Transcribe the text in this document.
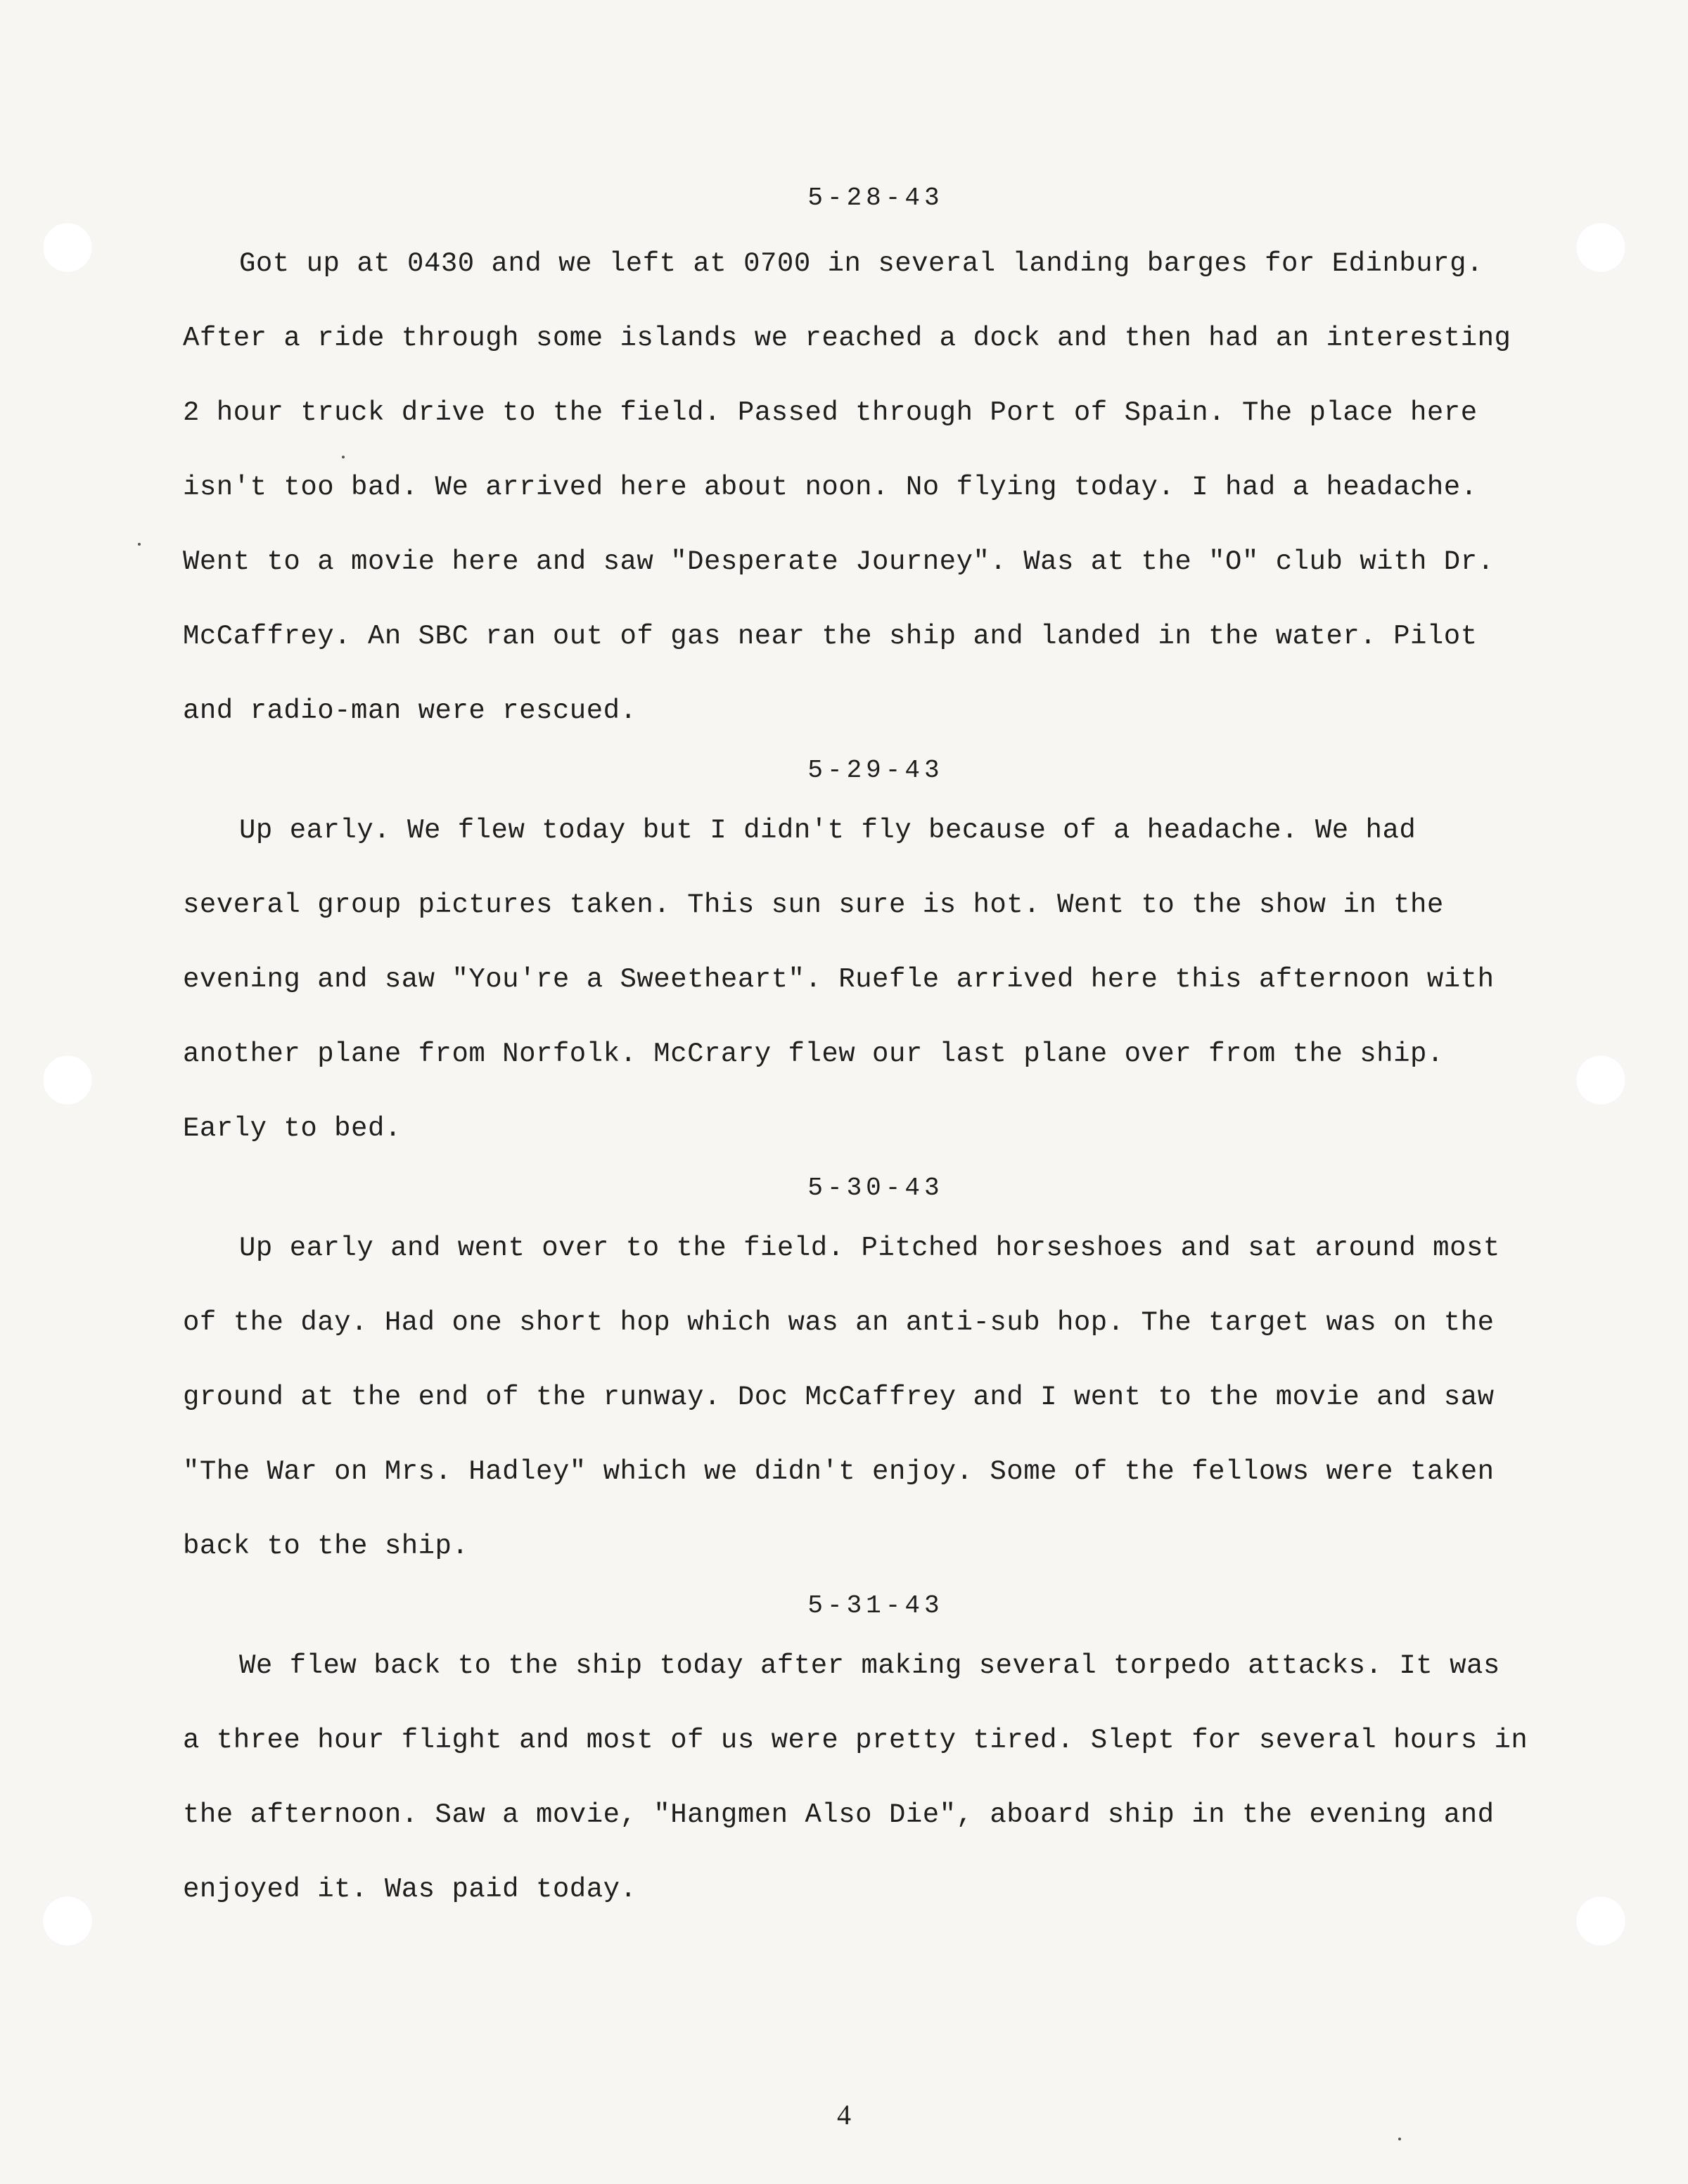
5-28-43

Got up at 0430 and we left at 0700 in several landing barges for Edinburg. After a ride through some islands we reached a dock and then had an interesting 2 hour truck drive to the field. Passed through Port of Spain. The place here isn't too bad. We arrived here about noon. No flying today. I had a headache. Went to a movie here and saw "Desperate Journey". Was at the "O" club with Dr. McCaffrey. An SBC ran out of gas near the ship and landed in the water. Pilot and radio-man were rescued.

5-29-43

Up early. We flew today but I didn't fly because of a headache. We had several group pictures taken. This sun sure is hot. Went to the show in the evening and saw "You're a Sweetheart". Ruefle arrived here this afternoon with another plane from Norfolk. McCrary flew our last plane over from the ship. Early to bed.

5-30-43

Up early and went over to the field. Pitched horseshoes and sat around most of the day. Had one short hop which was an anti-sub hop. The target was on the ground at the end of the runway. Doc McCaffrey and I went to the movie and saw "The War on Mrs. Hadley" which we didn't enjoy. Some of the fellows were taken back to the ship.

5-31-43

We flew back to the ship today after making several torpedo attacks. It was a three hour flight and most of us were pretty tired. Slept for several hours in the afternoon. Saw a movie, "Hangmen Also Die", aboard ship in the evening and enjoyed it. Was paid today.

4
